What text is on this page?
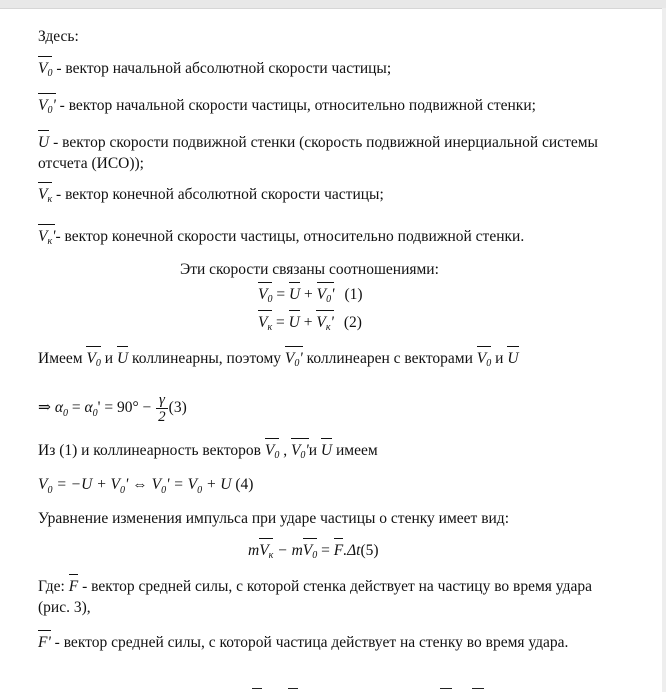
Здесь:
$V_0$ - вектор начальной абсолютной скорости частицы;
$V_0'$ - вектор начальной скорости частицы, относительно подвижной стенки;
U - вектор скорости подвижной стенки (скорость подвижной инерциальной системы отсчета (ИСО));
$V_к$ - вектор конечной абсолютной скорости частицы;
$V_к'-$ вектор конечной скорости частицы, относительно подвижной стенки.
Эти скорости связаны соотношениями:
$V_0 = U + V_0'$ (1)
$V_к = U + V_к'$ (2)
Имеем $V_0$ и U коллинеарны, поэтому $V_0'$ коллинеарен с векторами $V_0$ и U
⇒ $\alpha_0 = \alpha_0' = 90^\circ - \frac{\gamma}{2} (3)$
Из (1) и коллинеарность векторов $V_0$ , $V_0'и$ U имеем
$V_0 = -U + V_0'$ ⇔ $V_0' = V_0 + U$ (4)
Уравнение изменения импульса при ударе частицы о стенку имеет вид:
$mV_к - mV_0 = F.\Delta t(5)$
Где: F - вектор средней силы, с которой стенка действует на частицу во время удара (рис. 3),
F' - вектор средней силы, с которой частица действует на стенку во время удара.
